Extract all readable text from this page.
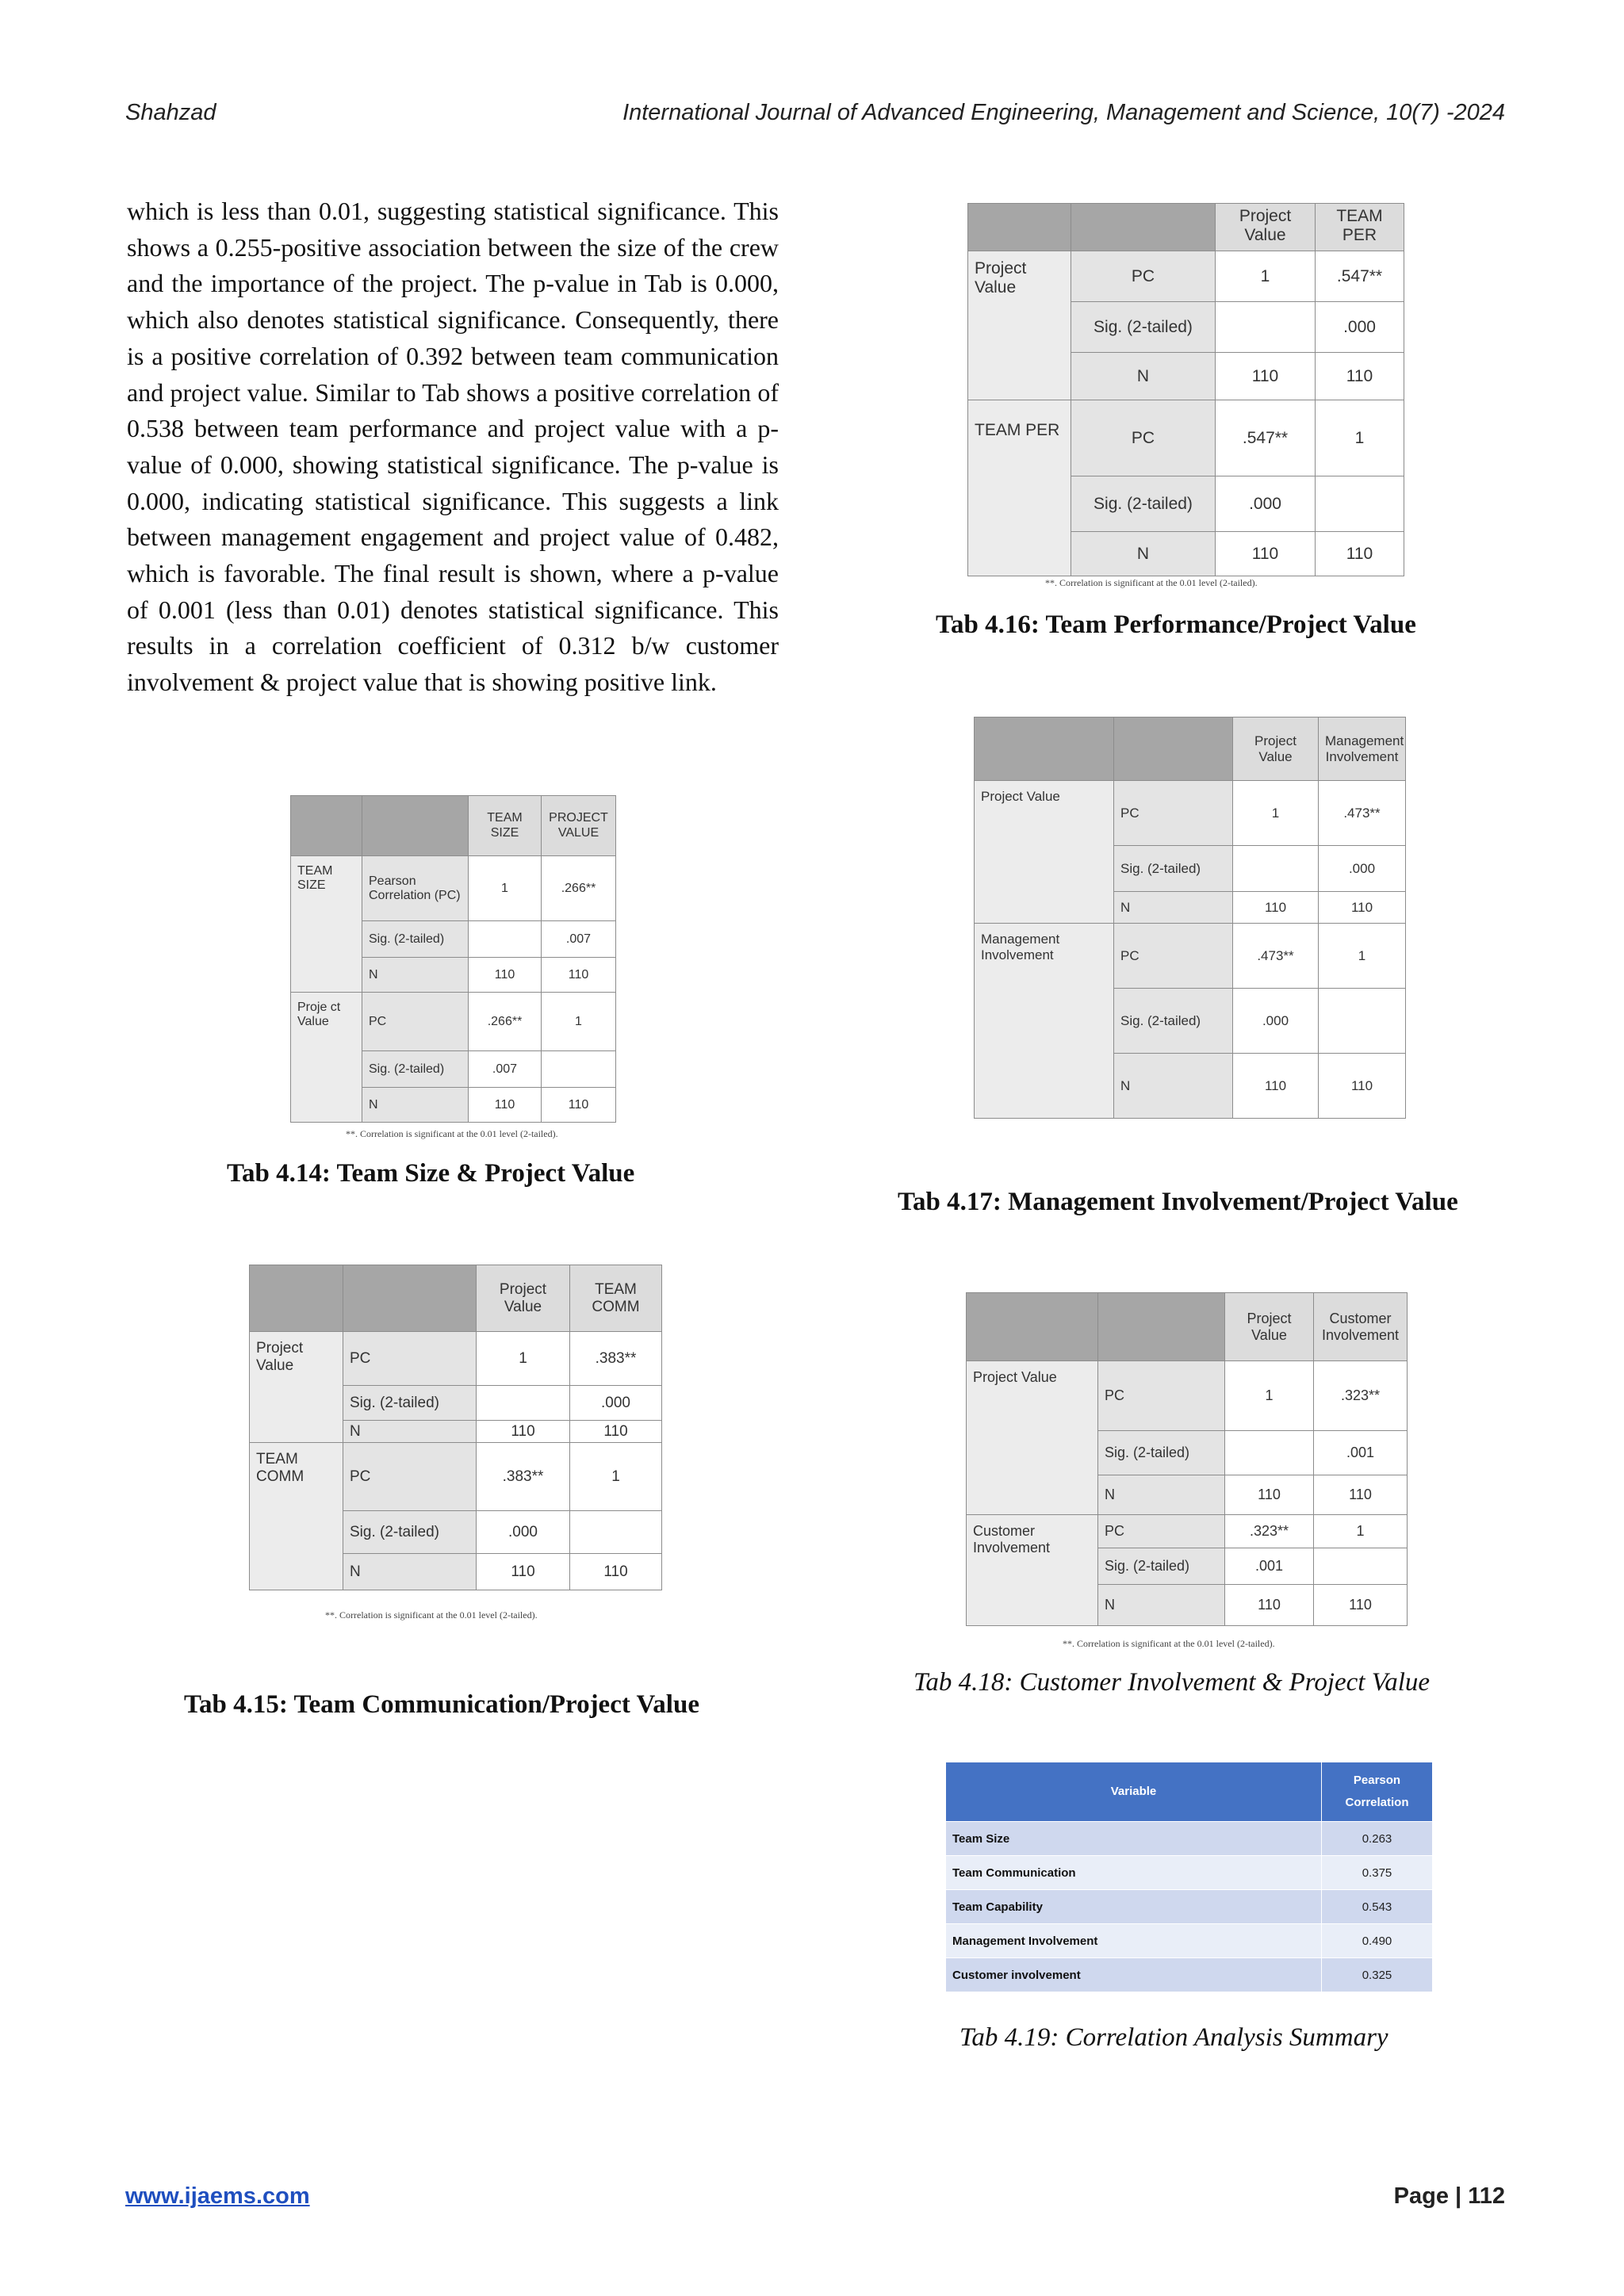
Shahzad	International Journal of Advanced Engineering, Management and Science, 10(7) -2024

which is less than 0.01, suggesting statistical significance. This shows a 0.255-positive association between the size of the crew and the importance of the project. The p-value in Tab is 0.000, which also denotes statistical significance. Consequently, there is a positive correlation of 0.392 between team communication and project value. Similar to Tab shows a positive correlation of 0.538 between team performance and project value with a p-value of 0.000, showing statistical significance. The p-value is 0.000, indicating statistical significance. This suggests a link between management engagement and project value of 0.482, which is favorable. The final result is shown, where a p-value of 0.001 (less than 0.01) denotes statistical significance. This results in a correlation coefficient of 0.312 b/w customer involvement & project value that is showing positive link.

		TEAM SIZE	PROJECT VALUE
TEAM SIZE	Pearson Correlation (PC)	1	.266**
	Sig. (2-tailed)		.007
	N	110	110
Proje ct Value	PC	.266**	1
	Sig. (2-tailed)	.007	
	N	110	110
**. Correlation is significant at the 0.01 level (2-tailed).
Tab 4.14: Team Size & Project Value
		Project Value	TEAM COMM
Project Value	PC	1	.383**
	Sig. (2-tailed)		.000
	N	110	110
TEAM COMM	PC	.383**	1
	Sig. (2-tailed)	.000	
	N	110	110
**. Correlation is significant at the 0.01 level (2-tailed).
Tab 4.15: Team Communication/Project Value
		Project Value	TEAM PER
Project Value	PC	1	.547**
	Sig. (2-tailed)		.000
	N	110	110
TEAM PER	PC	.547**	1
	Sig. (2-tailed)	.000	
	N	110	110
**. Correlation is significant at the 0.01 level (2-tailed).
Tab 4.16: Team Performance/Project Value
		Project Value	Management Involvement
Project Value	PC	1	.473**
	Sig. (2-tailed)		.000
	N	110	110
Management Involvement	PC	.473**	1
	Sig. (2-tailed)	.000	
	N	110	110
Tab 4.17: Management Involvement/Project Value
		Project Value	Customer Involvement
Project Value	PC	1	.323**
	Sig. (2-tailed)		.001
	N	110	110
Customer Involvement	PC	.323**	1
	Sig. (2-tailed)	.001	
	N	110	110
**. Correlation is significant at the 0.01 level (2-tailed).
Tab 4.18: Customer Involvement & Project Value
Variable	Pearson Correlation
Team Size	0.263
Team Communication	0.375
Team Capability	0.543
Management Involvement	0.490
Customer involvement	0.325
Tab 4.19: Correlation Analysis Summary
www.ijaems.com	Page | 112
